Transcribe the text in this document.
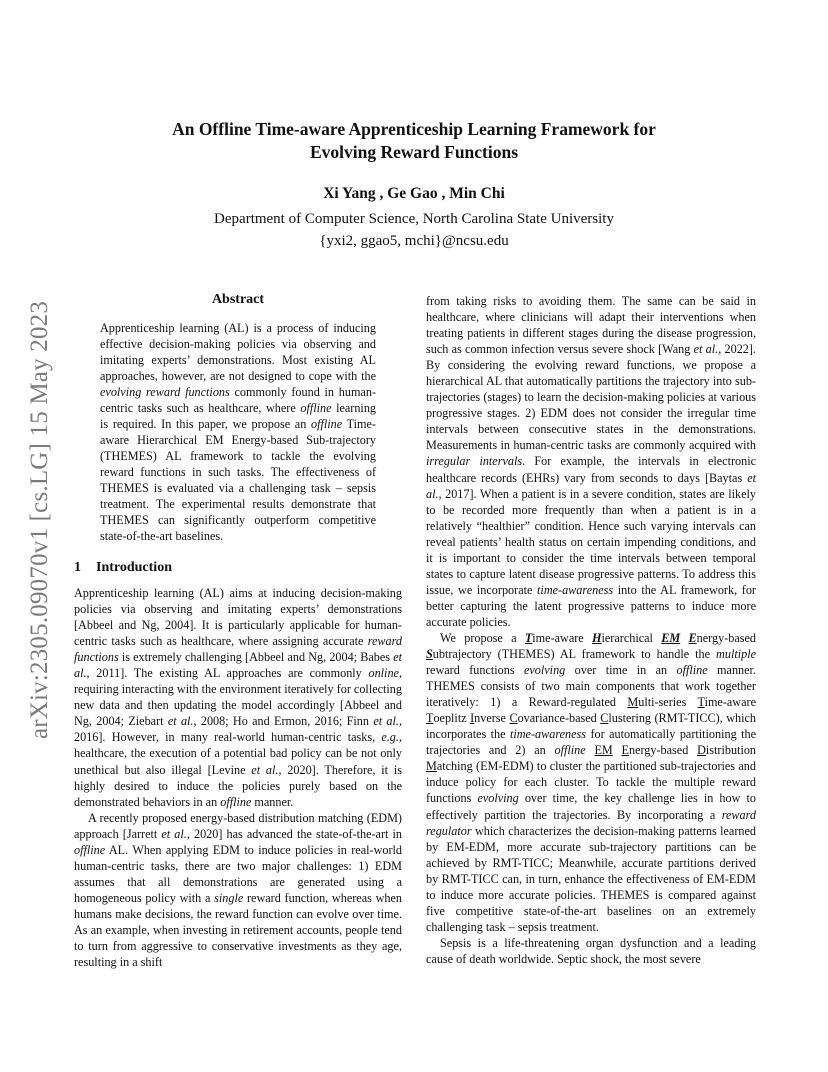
arXiv:2305.09070v1 [cs.LG] 15 May 2023
An Offline Time-aware Apprenticeship Learning Framework for
Evolving Reward Functions
Xi Yang , Ge Gao , Min Chi
Department of Computer Science, North Carolina State University
{yxi2, ggao5, mchi}@ncsu.edu
Abstract
Apprenticeship learning (AL) is a process of inducing effective decision-making policies via observing and imitating experts’ demonstrations. Most existing AL approaches, however, are not designed to cope with the evolving reward functions commonly found in human-centric tasks such as healthcare, where offline learning is required. In this paper, we propose an offline Time-aware Hierarchical EM Energy-based Sub-trajectory (THEMES) AL framework to tackle the evolving reward functions in such tasks. The effectiveness of THEMES is evaluated via a challenging task – sepsis treatment. The experimental results demonstrate that THEMES can significantly outperform competitive state-of-the-art baselines.
1 Introduction

Apprenticeship learning (AL) aims at inducing decision-making policies via observing and imitating experts’ demonstrations [Abbeel and Ng, 2004]. It is particularly applicable for human-centric tasks such as healthcare, where assigning accurate reward functions is extremely challenging [Abbeel and Ng, 2004; Babes et al., 2011]. The existing AL approaches are commonly online, requiring interacting with the environment iteratively for collecting new data and then updating the model accordingly [Abbeel and Ng, 2004; Ziebart et al., 2008; Ho and Ermon, 2016; Finn et al., 2016]. However, in many real-world human-centric tasks, e.g., healthcare, the execution of a potential bad policy can be not only unethical but also illegal [Levine et al., 2020]. Therefore, it is highly desired to induce the policies purely based on the demonstrated behaviors in an offline manner.

A recently proposed energy-based distribution matching (EDM) approach [Jarrett et al., 2020] has advanced the state-of-the-art in offline AL. When applying EDM to induce policies in real-world human-centric tasks, there are two major challenges: 1) EDM assumes that all demonstrations are generated using a homogeneous policy with a single reward function, whereas when humans make decisions, the reward function can evolve over time. As an example, when investing in retirement accounts, people tend to turn from aggressive to conservative investments as they age, resulting in a shift

from taking risks to avoiding them. The same can be said in healthcare, where clinicians will adapt their interventions when treating patients in different stages during the disease progression, such as common infection versus severe shock [Wang et al., 2022]. By considering the evolving reward functions, we propose a hierarchical AL that automatically partitions the trajectory into sub-trajectories (stages) to learn the decision-making policies at various progressive stages. 2) EDM does not consider the irregular time intervals between consecutive states in the demonstrations. Measurements in human-centric tasks are commonly acquired with irregular intervals. For example, the intervals in electronic healthcare records (EHRs) vary from seconds to days [Baytas et al., 2017]. When a patient is in a severe condition, states are likely to be recorded more frequently than when a patient is in a relatively “healthier” condition. Hence such varying intervals can reveal patients’ health status on certain impending conditions, and it is important to consider the time intervals between temporal states to capture latent disease progressive patterns. To address this issue, we incorporate time-awareness into the AL framework, for better capturing the latent progressive patterns to induce more accurate policies.

We propose a Time-aware Hierarchical EM Energy-based Subtrajectory (THEMES) AL framework to handle the multiple reward functions evolving over time in an offline manner. THEMES consists of two main components that work together iteratively: 1) a Reward-regulated Multi-series Time-aware Toeplitz Inverse Covariance-based Clustering (RMT-TICC), which incorporates the time-awareness for automatically partitioning the trajectories and 2) an offline EM Energy-based Distribution Matching (EM-EDM) to cluster the partitioned sub-trajectories and induce policy for each cluster. To tackle the multiple reward functions evolving over time, the key challenge lies in how to effectively partition the trajectories. By incorporating a reward regulator which characterizes the decision-making patterns learned by EM-EDM, more accurate sub-trajectory partitions can be achieved by RMT-TICC; Meanwhile, accurate partitions derived by RMT-TICC can, in turn, enhance the effectiveness of EM-EDM to induce more accurate policies. THEMES is compared against five competitive state-of-the-art baselines on an extremely challenging task – sepsis treatment.

Sepsis is a life-threatening organ dysfunction and a leading cause of death worldwide. Septic shock, the most severe
